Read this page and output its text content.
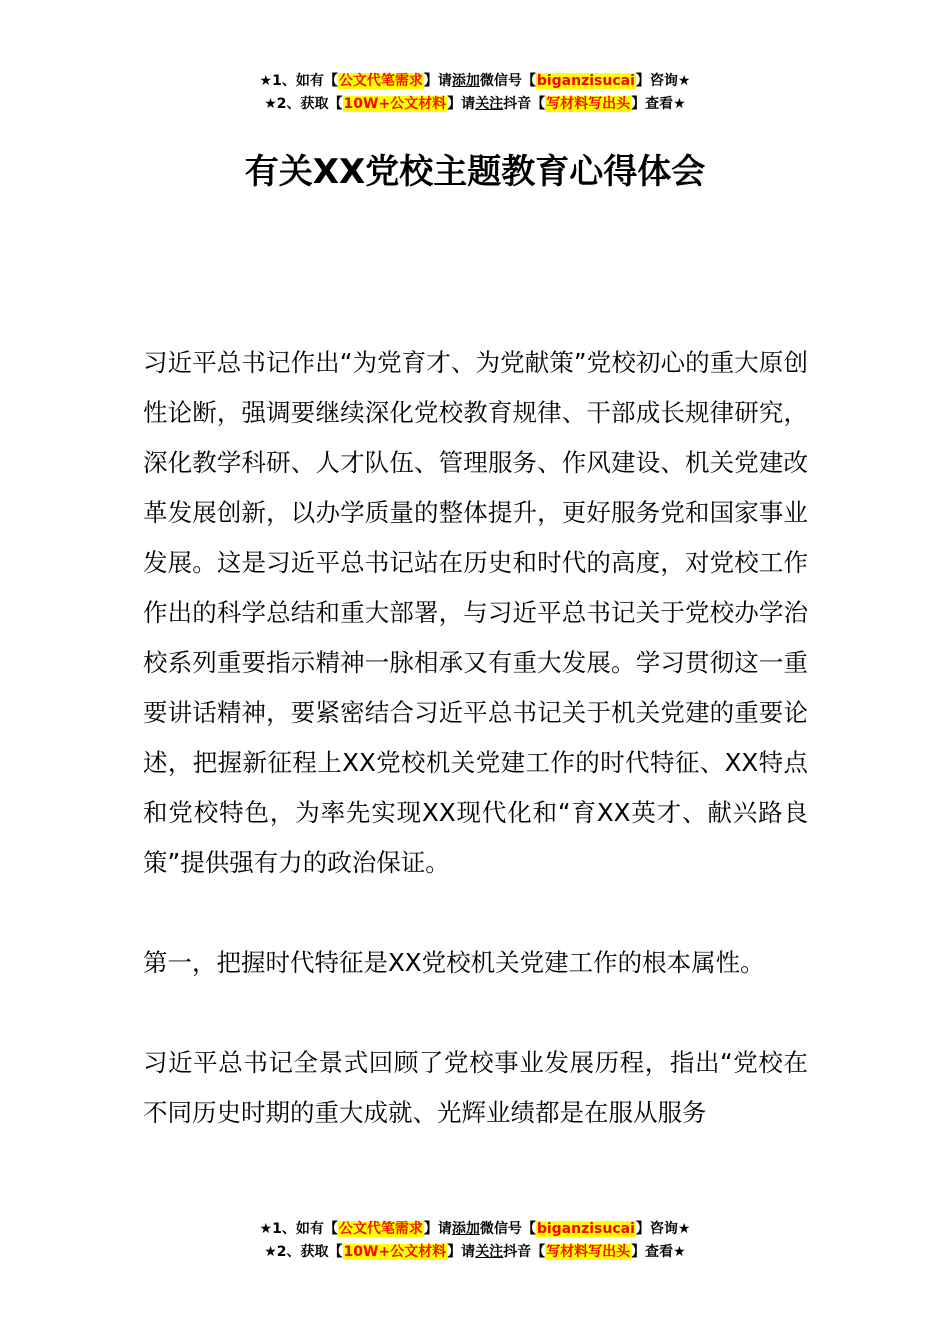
★1、如有【公文代笔需求】请添加微信号【biganzisucai】咨询★
★2、获取【10W+公文材料】请关注抖音【写材料写出头】查看★
有关XX党校主题教育心得体会

习近平总书记作出“为党育才、为党献策”党校初心的重大原创性论断，强调要继续深化党校教育规律、干部成长规律研究，深化教学科研、人才队伍、管理服务、作风建设、机关党建改革发展创新，以办学质量的整体提升，更好服务党和国家事业发展。这是习近平总书记站在历史和时代的高度，对党校工作作出的科学总结和重大部署，与习近平总书记关于党校办学治校系列重要指示精神一脉相承又有重大发展。学习贯彻这一重要讲话精神，要紧密结合习近平总书记关于机关党建的重要论述，把握新征程上XX党校机关党建工作的时代特征、XX特点和党校特色，为率先实现XX现代化和“育XX英才、献兴路良策”提供强有力的政治保证。

第一，把握时代特征是XX党校机关党建工作的根本属性。

习近平总书记全景式回顾了党校事业发展历程，指出“党校在不同历史时期的重大成就、光辉业绩都是在服从服务

★1、如有【公文代笔需求】请添加微信号【biganzisucai】咨询★
★2、获取【10W+公文材料】请关注抖音【写材料写出头】查看★
